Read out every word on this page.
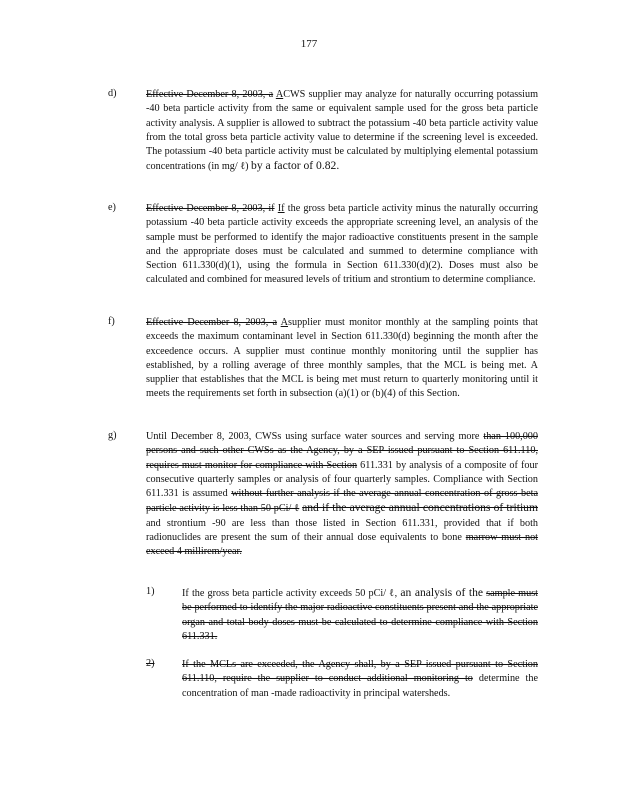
177
d)	Effective December 8, 2003, a ACWS supplier may analyze for naturally occurring potassium -40 beta particle activity from the same or equivalent sample used for the gross beta particle activity analysis. A supplier is allowed to subtract the potassium -40 beta particle activity value from the total gross beta particle activity value to determine if the screening level is exceeded. The potassium -40 beta particle activity must be calculated by multiplying elemental potassium concentrations (in mg/ ℓ) by a factor of 0.82.
e)	Effective December 8, 2003, if If the gross beta particle activity minus the naturally occurring potassium -40 beta particle activity exceeds the appropriate screening level, an analysis of the sample must be performed to identify the major radioactive constituents present in the sample and the appropriate doses must be calculated and summed to determine compliance with Section 611.330(d)(1), using the formula in Section 611.330(d)(2). Doses must also be calculated and combined for measured levels of tritium and strontium to determine compliance.
f)	Effective December 8, 2003, a Asupplier must monitor monthly at the sampling points that exceeds the maximum contaminant level in Section 611.330(d) beginning the month after the exceedence occurs. A supplier must continue monthly monitoring until the supplier has established, by a rolling average of three monthly samples, that the MCL is being met. A supplier that establishes that the MCL is being met must return to quarterly monitoring until it meets the requirements set forth in subsection (a)(1) or (b)(4) of this Section.
g)	Until December 8, 2003, CWSs using surface water sources and serving more than 100,000 persons and such other CWSs as the Agency, by a SEP issued pursuant to Section 611.110, requires must monitor for compliance with Section 611.331 by analysis of a composite of four consecutive quarterly samples or analysis of four quarterly samples. Compliance with Section 611.331 is assumed without further analysis if the average annual concentration of gross beta particle activity is less than 50 pCi/ ℓ and if the average annual concentrations of tritium and strontium -90 are less than those listed in Section 611.331, provided that if both radionuclides are present the sum of their annual dose equivalents to bone marrow must not exceed 4 millirem/year.
1)	If the gross beta particle activity exceeds 50 pCi/ ℓ, an analysis of the sample must be performed to identify the major radioactive constituents present and the appropriate organ and total body doses must be calculated to determine compliance with Section 611.331.
2)	If the MCLs are exceeded, the Agency shall, by a SEP issued pursuant to Section 611.110, require the supplier to conduct additional monitoring to determine the concentration of man -made radioactivity in principal watersheds.
